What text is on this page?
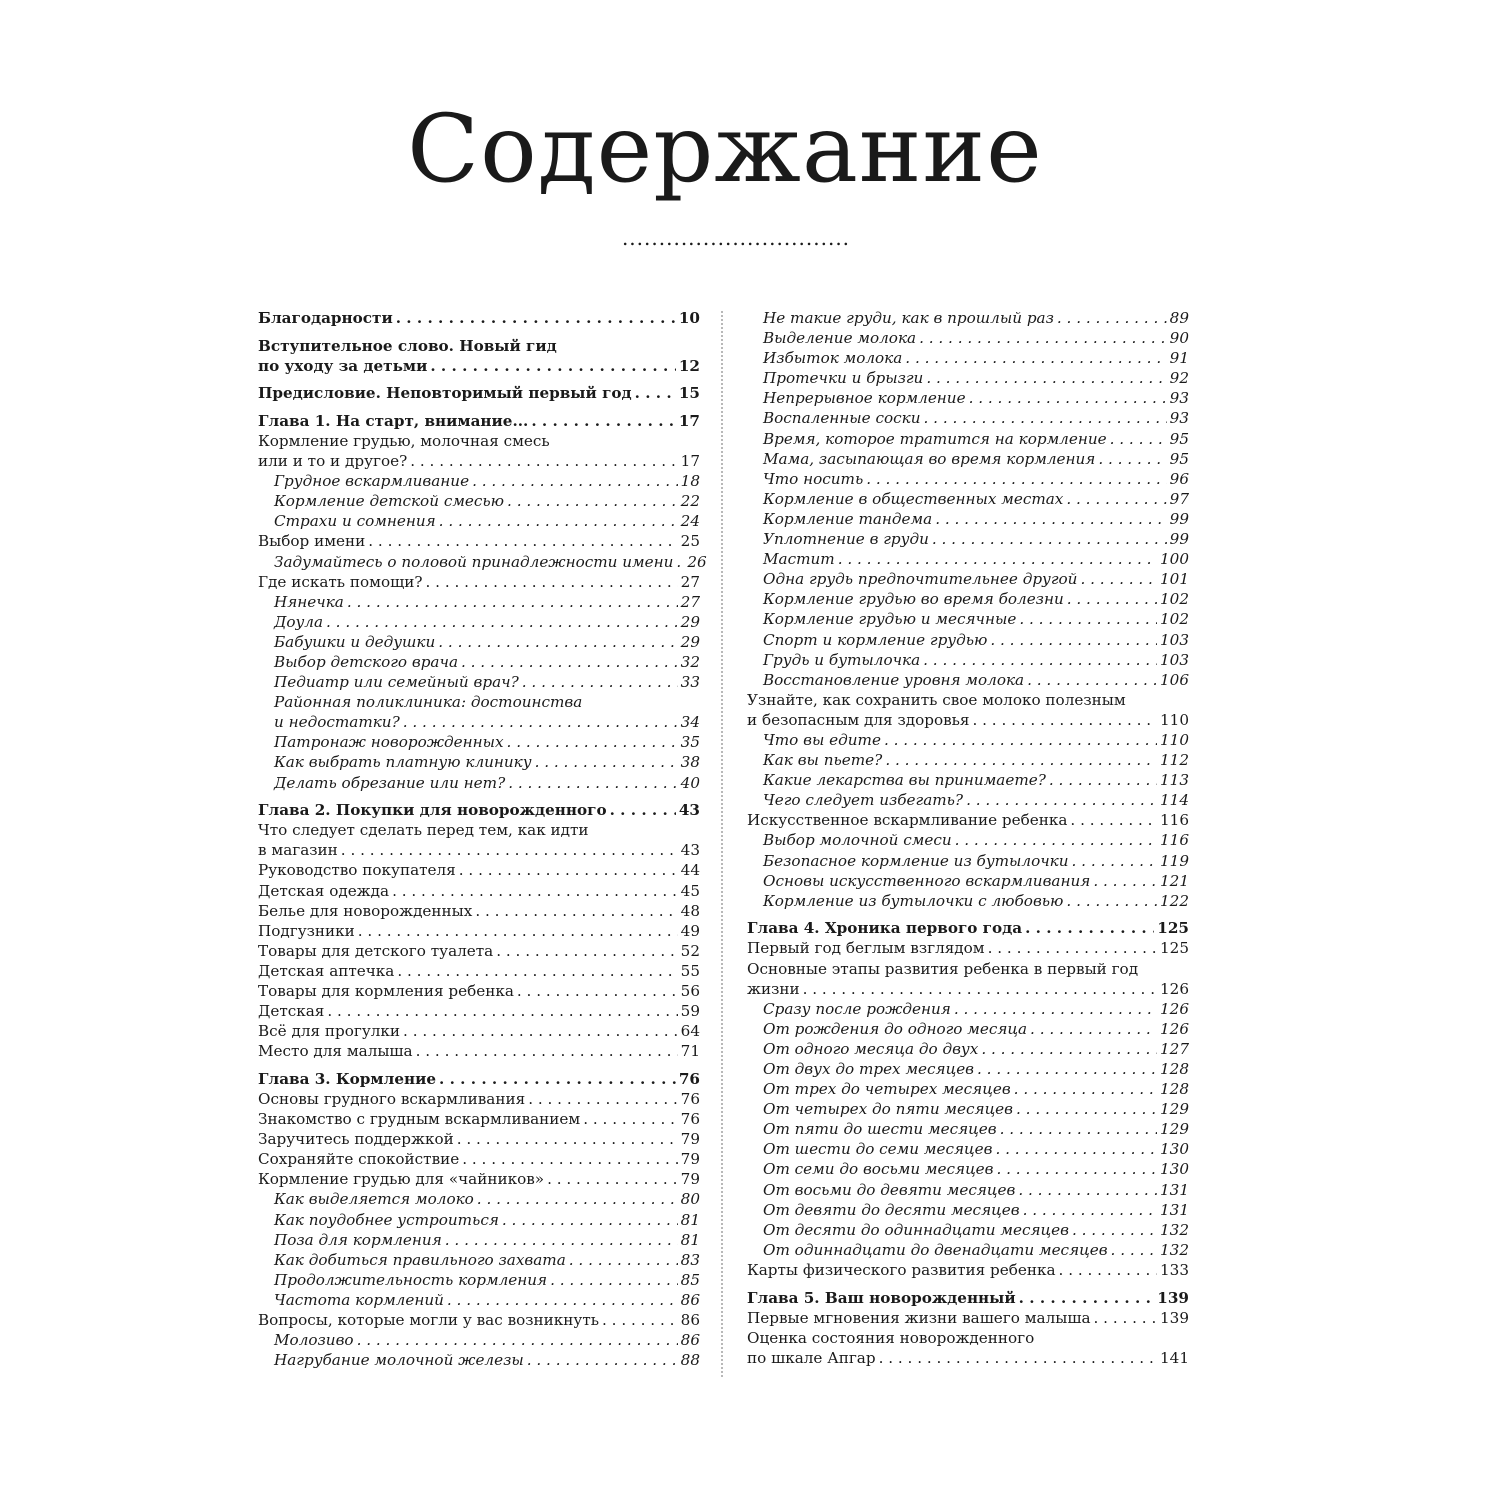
Содержание
...............................
Благодарности . . .	10
Вступительное слово. Новый гид
по уходу за детьми . . .	12
Предисловие. Неповторимый первый год . . .	15
Глава 1. На старт, внимание... . . .	17
Кормление грудью, молочная смесь
или и то и другое? . . .	17
Грудное вскармливание . . .	18
Кормление детской смесью . . .	22
Страхи и сомнения . . .	24
Выбор имени . . .	25
Задумайтесь о половой принадлежности имени . . . 26
Где искать помощи? . . .	27
Нянечка . . .	27
Доула . . .	29
Бабушки и дедушки . . .	29
Выбор детского врача . . .	32
Педиатр или семейный врач? . . .	33
Районная поликлиника: достоинства
и недостатки? . . .	34
Патронаж новорожденных . . .	35
Как выбрать платную клинику . . .	38
Делать обрезание или нет? . . .	40
Глава 2. Покупки для новорожденного . . .	43
Что следует сделать перед тем, как идти
в магазин . . .	43
Руководство покупателя . . .	44
Детская одежда . . .	45
Белье для новорожденных . . .	48
Подгузники . . .	49
Товары для детского туалета . . .	52
Детская аптечка . . .	55
Товары для кормления ребенка . . .	56
Детская . . .	59
Всё для прогулки . . .	64
Место для малыша . . .	71
Глава 3. Кормление . . .	76
Основы грудного вскармливания . . .	76
Знакомство с грудным вскармливанием . . .	76
Заручитесь поддержкой . . .	79
Сохраняйте спокойствие . . .	79
Кормление грудью для «чайников» . . .	79
Как выделяется молоко . . .	80
Как поудобнее устроиться . . .	81
Поза для кормления . . .	81
Как добиться правильного захвата . . .	83
Продолжительность кормления . . .	85
Частота кормлений . . .	86
Вопросы, которые могли у вас возникнуть . . .	86
Молозиво . . .	86
Нагрубание молочной железы . . .	88
Не такие груди, как в прошлый раз . . .	89
Выделение молока . . .	90
Избыток молока . . .	91
Протечки и брызги . . .	92
Непрерывное кормление . . .	93
Воспаленные соски . . .	93
Время, которое тратится на кормление . . .	95
Мама, засыпающая во время кормления . . .	95
Что носить . . .	96
Кормление в общественных местах . . .	97
Кормление тандема . . .	99
Уплотнение в груди . . .	99
Мастит . . .	100
Одна грудь предпочтительнее другой . . .	101
Кормление грудью во время болезни . . .	102
Кормление грудью и месячные . . .	102
Спорт и кормление грудью . . .	103
Грудь и бутылочка . . .	103
Восстановление уровня молока . . .	106
Узнайте, как сохранить свое молоко полезным
и безопасным для здоровья . . .	110
Что вы едите . . .	110
Как вы пьете? . . .	112
Какие лекарства вы принимаете? . . .	113
Чего следует избегать? . . .	114
Искусственное вскармливание ребенка . . .	116
Выбор молочной смеси . . .	116
Безопасное кормление из бутылочки . . .	119
Основы искусственного вскармливания . . .	121
Кормление из бутылочки с любовью . . .	122
Глава 4. Хроника первого года . . .	125
Первый год беглым взглядом . . .	125
Основные этапы развития ребенка в первый год
жизни . . .	126
Сразу после рождения . . .	126
От рождения до одного месяца . . .	126
От одного месяца до двух . . .	127
От двух до трех месяцев . . .	128
От трех до четырех месяцев . . .	128
От четырех до пяти месяцев . . .	129
От пяти до шести месяцев . . .	129
От шести до семи месяцев . . .	130
От семи до восьми месяцев . . .	130
От восьми до девяти месяцев . . .	131
От девяти до десяти месяцев . . .	131
От десяти до одиннадцати месяцев . . .	132
От одиннадцати до двенадцати месяцев . . .	132
Карты физического развития ребенка . . .	133
Глава 5. Ваш новорожденный . . .	139
Первые мгновения жизни вашего малыша . . .	139
Оценка состояния новорожденного
по шкале Апгар . . .	141
